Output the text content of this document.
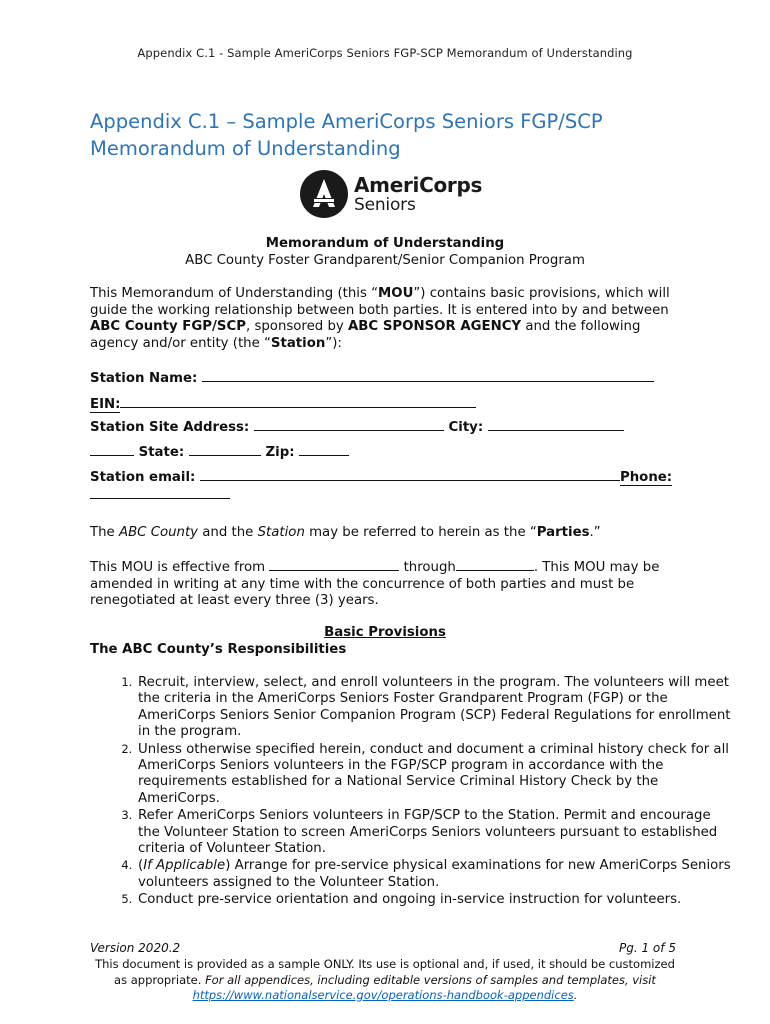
Appendix C.1 - Sample AmeriCorps Seniors FGP-SCP Memorandum of Understanding
Appendix C.1 – Sample AmeriCorps Seniors FGP/SCP
Memorandum of Understanding
AmeriCorps
Seniors
Memorandum of Understanding
ABC County Foster Grandparent/Senior Companion Program
This Memorandum of Understanding (this “MOU”) contains basic provisions, which will guide the working relationship between both parties. It is entered into by and between ABC County FGP/SCP, sponsored by ABC SPONSOR AGENCY and the following agency and/or entity (the “Station”):
Station Name:
EIN:
Station Site Address:	City:
State:	Zip:
Station email:	Phone:
The ABC County and the Station may be referred to herein as the “Parties.”
This MOU is effective from	through	. This MOU may be amended in writing at any time with the concurrence of both parties and must be renegotiated at least every three (3) years.
Basic Provisions
The ABC County’s Responsibilities
1. Recruit, interview, select, and enroll volunteers in the program. The volunteers will meet the criteria in the AmeriCorps Seniors Foster Grandparent Program (FGP) or the AmeriCorps Seniors Senior Companion Program (SCP) Federal Regulations for enrollment in the program.
2. Unless otherwise specified herein, conduct and document a criminal history check for all AmeriCorps Seniors volunteers in the FGP/SCP program in accordance with the requirements established for a National Service Criminal History Check by the AmeriCorps.
3. Refer AmeriCorps Seniors volunteers in FGP/SCP to the Station. Permit and encourage the Volunteer Station to screen AmeriCorps Seniors volunteers pursuant to established criteria of Volunteer Station.
4. (If Applicable) Arrange for pre-service physical examinations for new AmeriCorps Seniors volunteers assigned to the Volunteer Station.
5. Conduct pre-service orientation and ongoing in-service instruction for volunteers.
Version 2020.2	Pg. 1 of 5
This document is provided as a sample ONLY. Its use is optional and, if used, it should be customized as appropriate. For all appendices, including editable versions of samples and templates, visit https://www.nationalservice.gov/operations-handbook-appendices.
